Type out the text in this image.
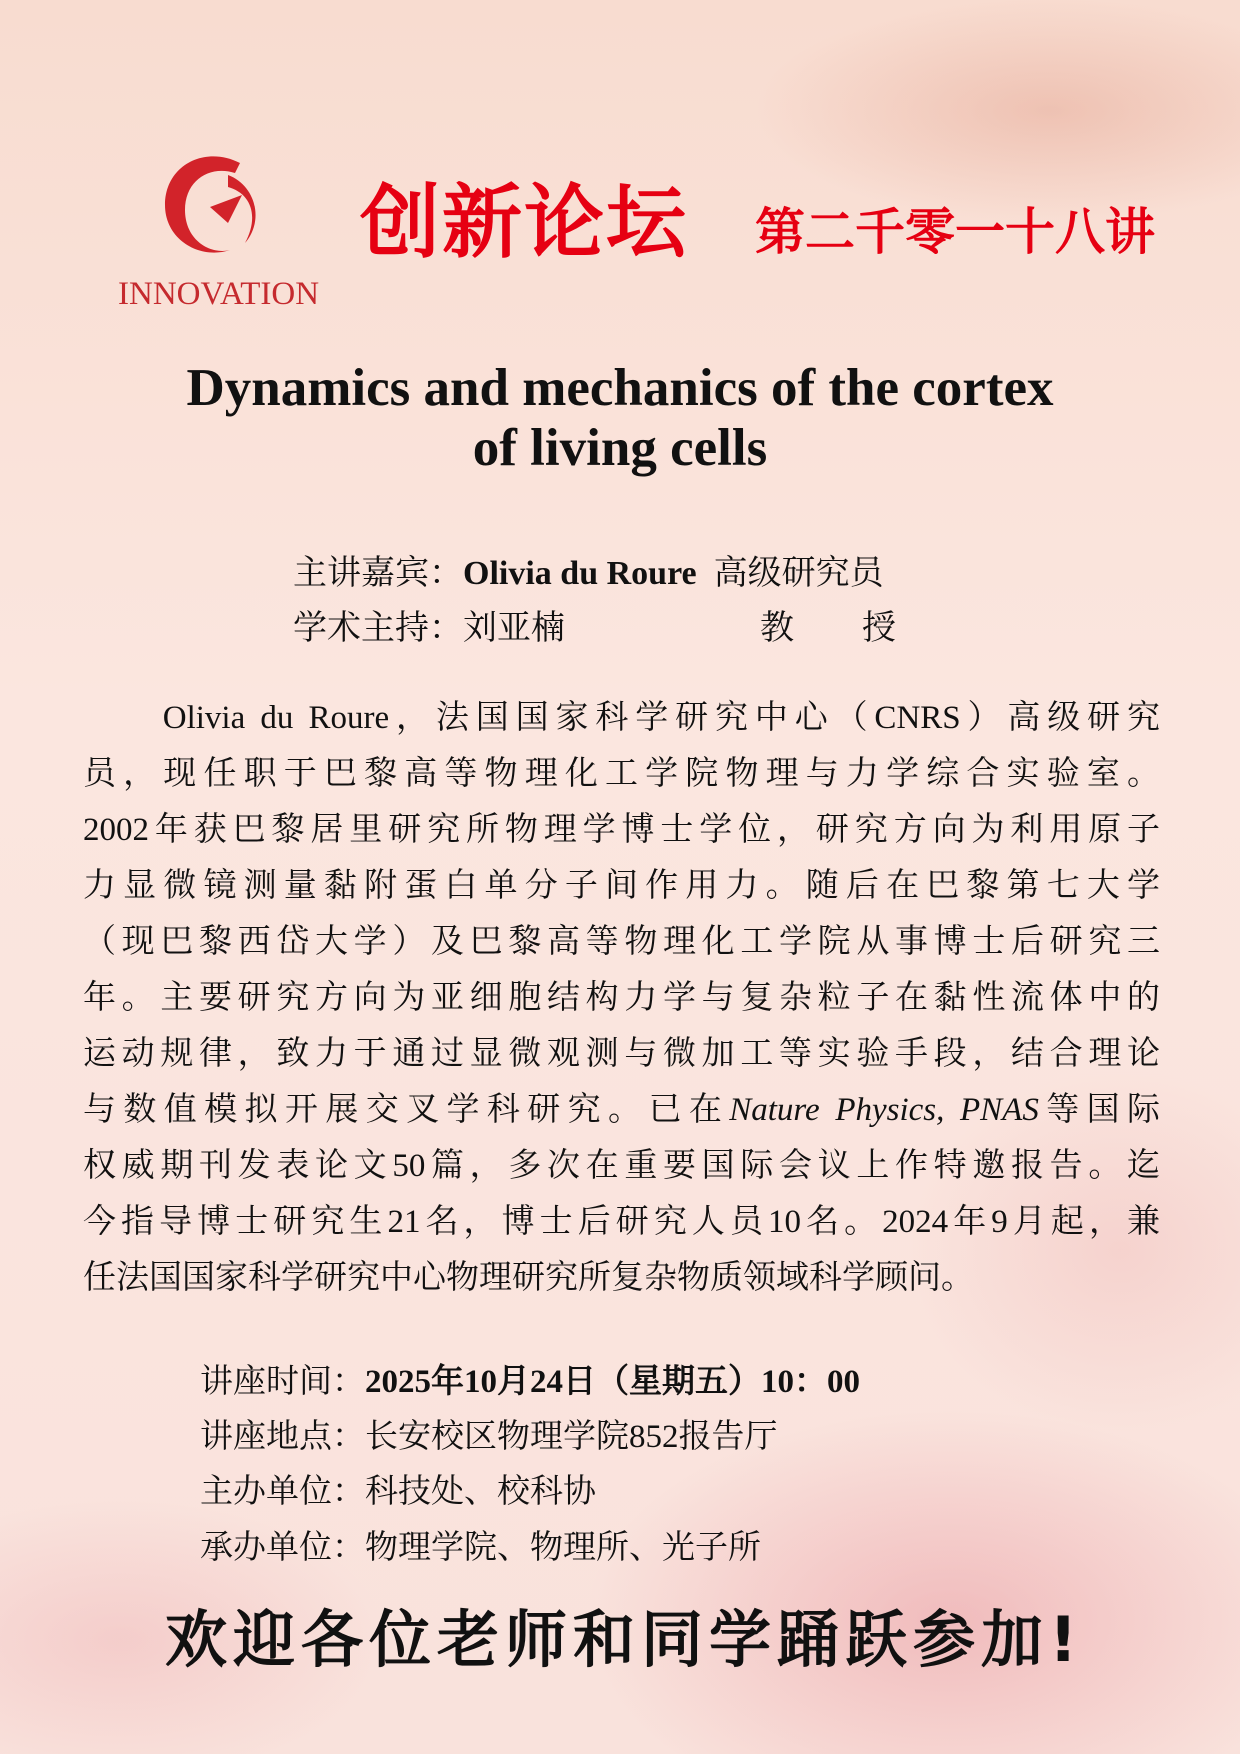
INNOVATION
创新论坛 第二千零一十八讲
Dynamics and mechanics of the cortex
of living cells
主讲嘉宾：Olivia du Roure 高级研究员
学术主持：刘亚楠	教　　授
　　Olivia du Roure，法国国家科学研究中心（CNRS）高级研究
员，现任职于巴黎高等物理化工学院物理与力学综合实验室。
2002年获巴黎居里研究所物理学博士学位，研究方向为利用原子
力显微镜测量黏附蛋白单分子间作用力。随后在巴黎第七大学
（现巴黎西岱大学）及巴黎高等物理化工学院从事博士后研究三
年。主要研究方向为亚细胞结构力学与复杂粒子在黏性流体中的
运动规律，致力于通过显微观测与微加工等实验手段，结合理论
与数值模拟开展交叉学科研究。已在Nature Physics, PNAS等国际
权威期刊发表论文50篇，多次在重要国际会议上作特邀报告。迄
今指导博士研究生21名，博士后研究人员10名。2024年9月起，兼
任法国国家科学研究中心物理研究所复杂物质领域科学顾问。
讲座时间：2025年10月24日（星期五）10：00
讲座地点：长安校区物理学院852报告厅
主办单位：科技处、校科协
承办单位：物理学院、物理所、光子所
欢迎各位老师和同学踊跃参加!
